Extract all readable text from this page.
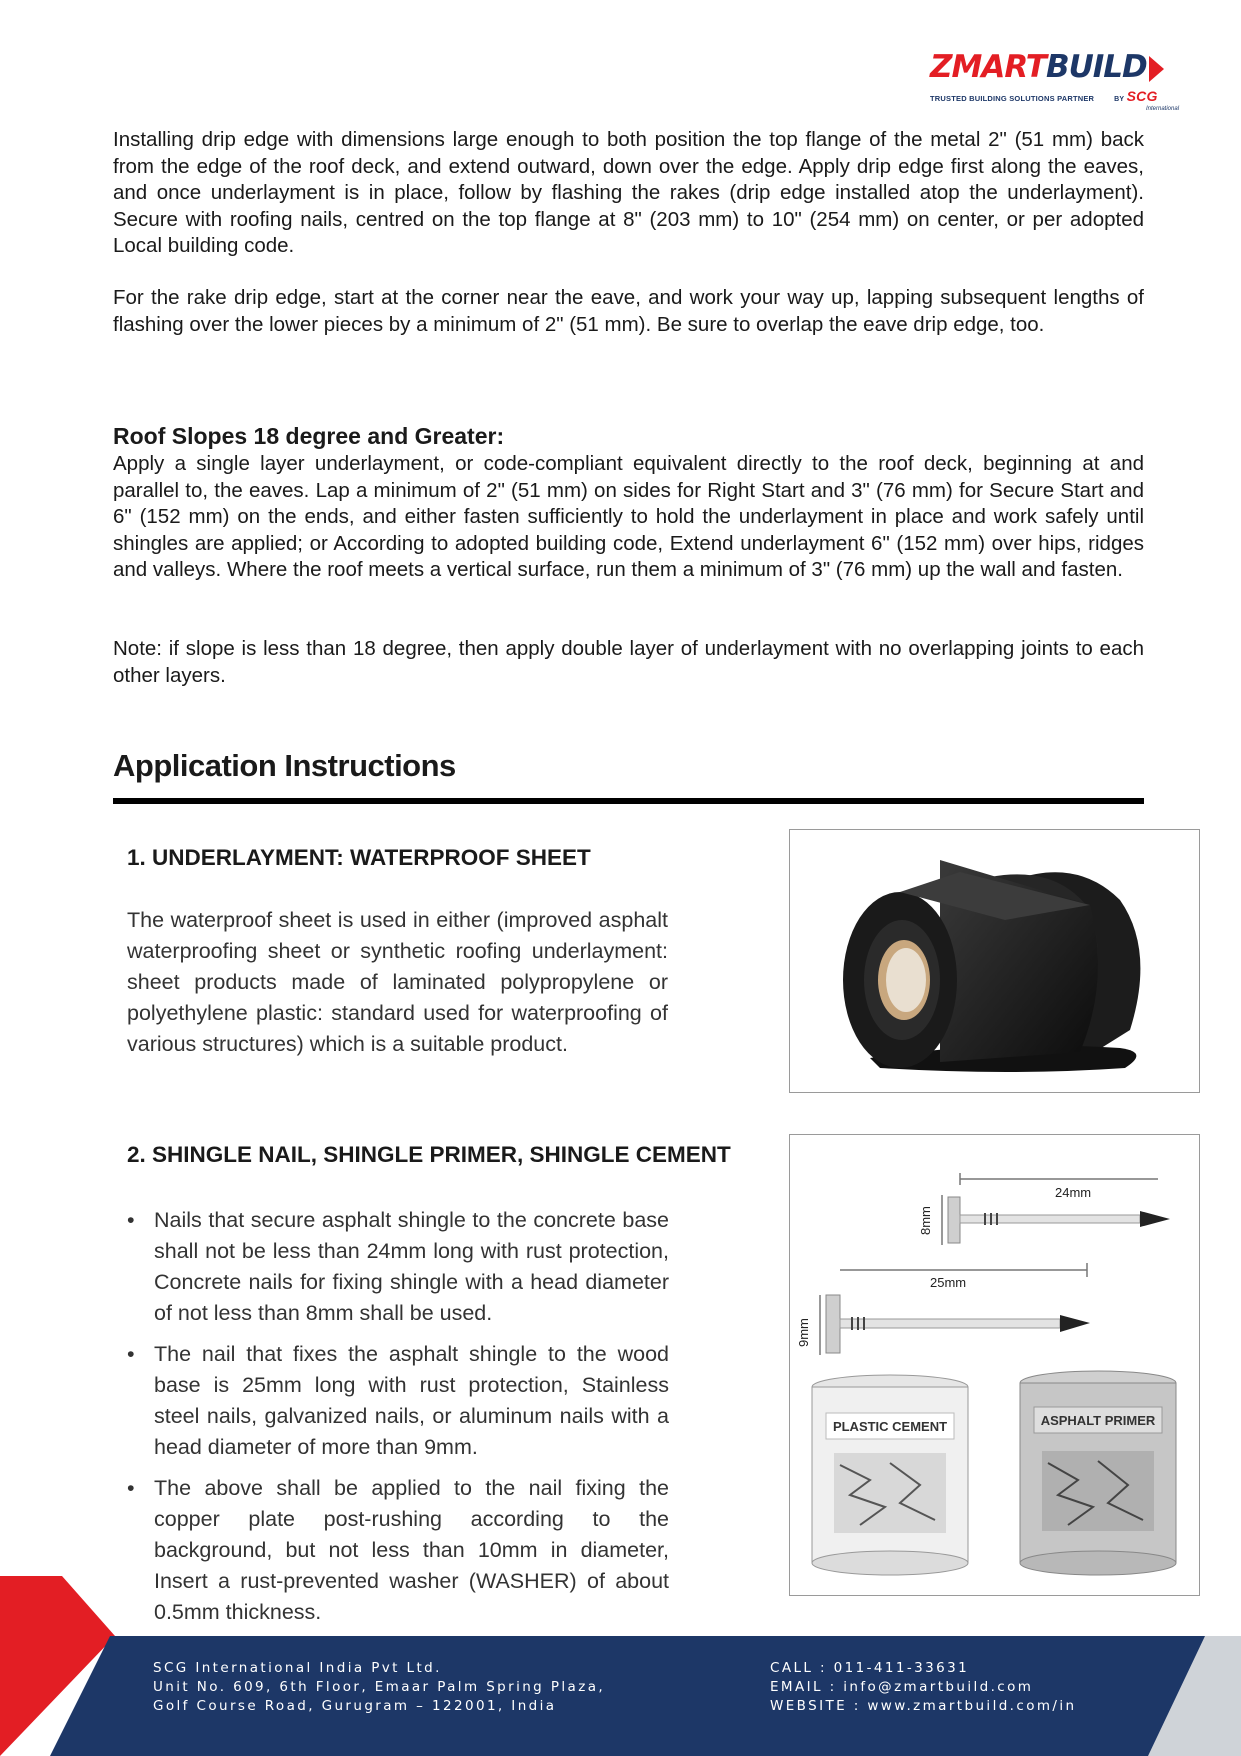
ZMARTBUILD
TRUSTED BUILDING SOLUTIONS PARTNER	BY SCG
International

Installing drip edge with dimensions large enough to both position the top flange of the metal 2" (51 mm) back from the edge of the roof deck, and extend outward, down over the edge. Apply drip edge first along the eaves, and once underlayment is in place, follow by flashing the rakes (drip edge installed atop the underlayment). Secure with roofing nails, centred on the top flange at 8" (203 mm) to 10" (254 mm) on center, or per adopted Local building code.

For the rake drip edge, start at the corner near the eave, and work your way up, lapping subsequent lengths of flashing over the lower pieces by a minimum of 2" (51 mm). Be sure to overlap the eave drip edge, too.

Roof Slopes 18 degree and Greater:

Apply a single layer underlayment, or code-compliant equivalent directly to the roof deck, beginning at and parallel to, the eaves. Lap a minimum of 2" (51 mm) on sides for Right Start and 3" (76 mm) for Secure Start and 6" (152 mm) on the ends, and either fasten sufficiently to hold the underlayment in place and work safely until shingles are applied; or According to adopted building code, Extend underlayment 6" (152 mm) over hips, ridges and valleys. Where the roof meets a vertical surface, run them a minimum of 3" (76 mm) up the wall and fasten.

Note: if slope is less than 18 degree, then apply double layer of underlayment with no overlapping joints to each other layers.

Application Instructions
1. UNDERLAYMENT: WATERPROOF SHEET

The waterproof sheet is used in either (improved asphalt waterproofing sheet or synthetic roofing underlayment: sheet products made of laminated polypropylene or polyethylene plastic: standard used for waterproofing of various structures) which is a suitable product.

2. SHINGLE NAIL, SHINGLE PRIMER, SHINGLE CEMENT
• Nails that secure asphalt shingle to the concrete base shall not be less than 24mm long with rust protection, Concrete nails for fixing shingle with a head diameter of not less than 8mm shall be used.
• The nail that fixes the asphalt shingle to the wood base is 25mm long with rust protection, Stainless steel nails, galvanized nails, or aluminum nails with a head diameter of more than 9mm.
• The above shall be applied to the nail fixing the copper plate post-rushing according to the background, but not less than 10mm in diameter, Insert a rust-prevented washer (WASHER) of about 0.5mm thickness.
24mm
8mm
25mm
9mm
PLASTIC CEMENT	ASPHALT PRIMER
SCG International India Pvt Ltd.
Unit No. 609, 6th Floor, Emaar Palm Spring Plaza,
Golf Course Road, Gurugram – 122001, India
CALL : 011-411-33631
EMAIL : info@zmartbuild.com
WEBSITE : www.zmartbuild.com/in
